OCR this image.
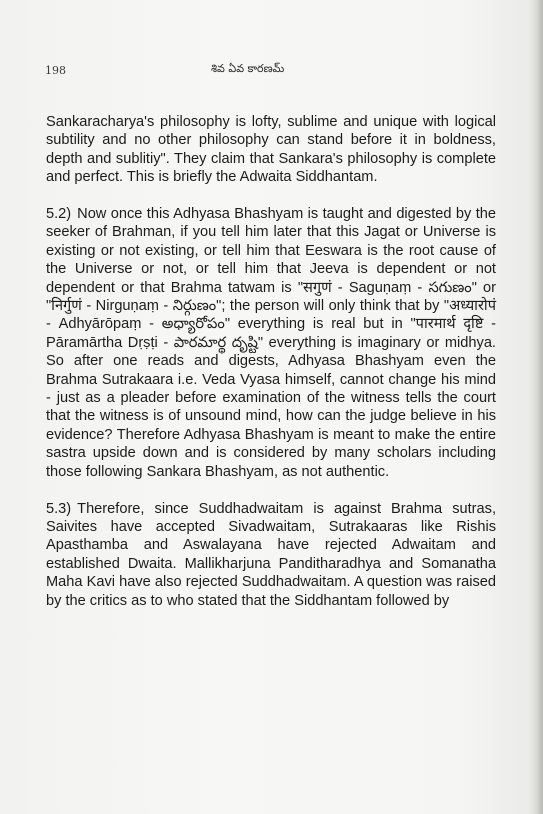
198	శివ ఏవ కారణమ్

Sankaracharya's philosophy is lofty, sublime and unique with logical subtility and no other philosophy can stand before it in boldness, depth and sublitiy". They claim that Sankara's philosophy is complete and perfect. This is briefly the Adwaita Siddhantam.

5.2) Now once this Adhyasa Bhashyam is taught and digested by the seeker of Brahman, if you tell him later that this Jagat or Universe is existing or not existing, or tell him that Eeswara is the root cause of the Universe or not, or tell him that Jeeva is dependent or not dependent or that Brahma tatwam is "सगुणं - Saguṇaṃ - సగుణం" or "निर्गुणं - Nirguṇaṃ - నిర్గుణం"; the person will only think that by "अध्यारोपं - Adhyārōpaṃ - అధ్యారోపం" everything is real but in "पारमार्थ दृष्टि - Pāramārtha Dṛṣṭi - పారమార్థ దృష్టి" everything is imaginary or midhya. So after one reads and digests, Adhyasa Bhashyam even the Brahma Sutrakaara i.e. Veda Vyasa himself, cannot change his mind - just as a pleader before examination of the witness tells the court that the witness is of unsound mind, how can the judge believe in his evidence? Therefore Adhyasa Bhashyam is meant to make the entire sastra upside down and is considered by many scholars including those following Sankara Bhashyam, as not authentic.

5.3) Therefore, since Suddhadwaitam is against Brahma sutras, Saivites have accepted Sivadwaitam, Sutrakaaras like Rishis Apasthamba and Aswalayana have rejected Adwaitam and established Dwaita. Mallikharjuna Panditharadhya and Somanatha Maha Kavi have also rejected Suddhadwaitam. A question was raised by the critics as to who stated that the Siddhantam followed by
